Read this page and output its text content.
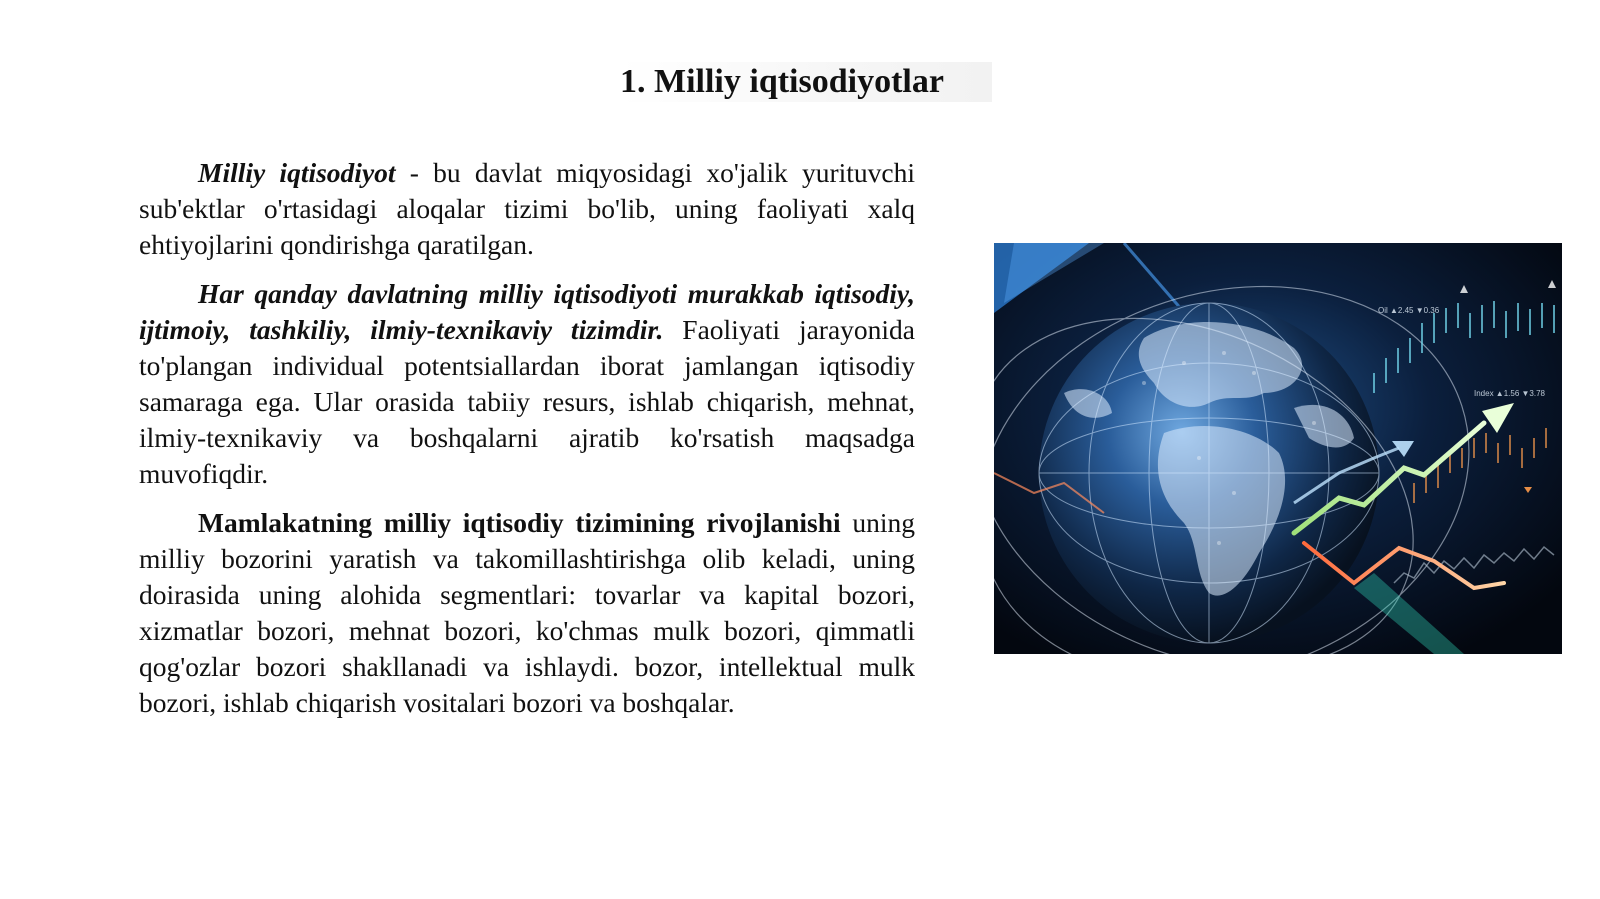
1. Milliy iqtisodiyotlar

Milliy iqtisodiyot - bu davlat miqyosidagi xo'jalik yurituvchi sub'ektlar o'rtasidagi aloqalar tizimi bo'lib, uning faoliyati xalq ehtiyojlarini qondirishga qaratilgan.

Har qanday davlatning milliy iqtisodiyoti murakkab iqtisodiy, ijtimoiy, tashkiliy, ilmiy-texnikaviy tizimdir. Faoliyati jarayonida to'plangan individual potentsiallardan iborat jamlangan iqtisodiy samaraga ega. Ular orasida tabiiy resurs, ishlab chiqarish, mehnat, ilmiy-texnikaviy va boshqalarni ajratib ko'rsatish maqsadga muvofiqdir.

Mamlakatning milliy iqtisodiy tizimining rivojlanishi uning milliy bozorini yaratish va takomillashtirishga olib keladi, uning doirasida uning alohida segmentlari: tovarlar va kapital bozori, xizmatlar bozori, mehnat bozori, ko'chmas mulk bozori, qimmatli qog'ozlar bozori shakllanadi va ishlaydi. bozor, intellektual mulk bozori, ishlab chiqarish vositalari bozori va boshqalar.

Oil ▲2.45 ▼0.36
Index ▲1.56 ▼3.78
